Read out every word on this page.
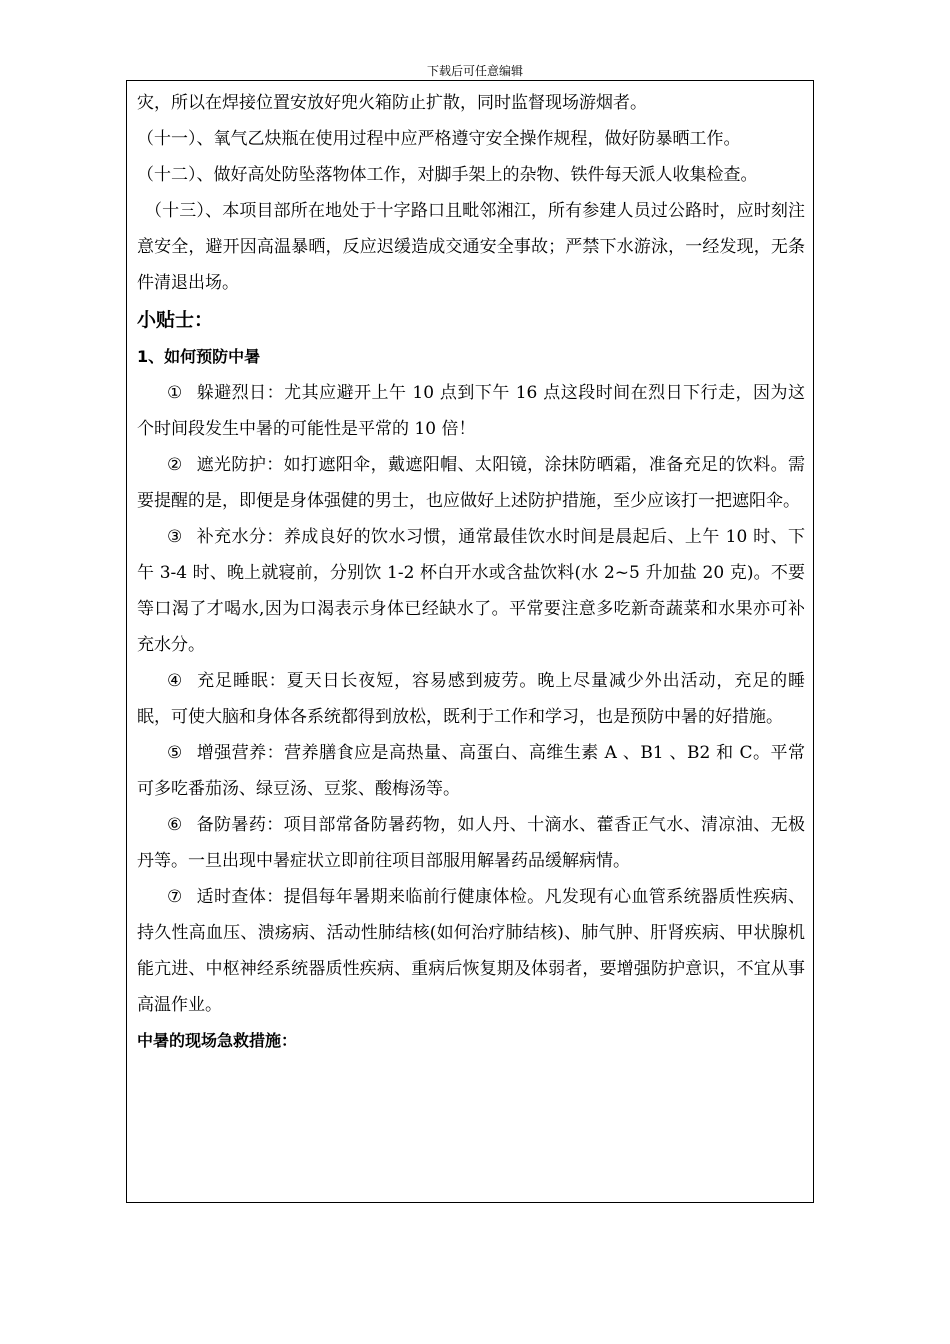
下载后可任意编辑

灾，所以在焊接位置安放好兜火箱防止扩散，同时监督现场游烟者。

（十一）、氧气乙炔瓶在使用过程中应严格遵守安全操作规程，做好防暴晒工作。

（十二）、做好高处防坠落物体工作，对脚手架上的杂物、铁件每天派人收集检查。

（十三）、本项目部所在地处于十字路口且毗邻湘江，所有参建人员过公路时，应时刻注意安全，避开因高温暴晒，反应迟缓造成交通安全事故；严禁下水游泳，一经发现，无条件清退出场。

小贴士：

1、如何预防中暑

① 躲避烈日：尤其应避开上午 10 点到下午 16 点这段时间在烈日下行走，因为这个时间段发生中暑的可能性是平常的 10 倍！

② 遮光防护：如打遮阳伞，戴遮阳帽、太阳镜，涂抹防晒霜，准备充足的饮料。需要提醒的是，即便是身体强健的男士，也应做好上述防护措施，至少应该打一把遮阳伞。

③ 补充水分：养成良好的饮水习惯，通常最佳饮水时间是晨起后、上午 10 时、下午 3-4 时、晚上就寝前，分别饮 1-2 杯白开水或含盐饮料(水 2~5 升加盐 20 克)。不要等口渴了才喝水,因为口渴表示身体已经缺水了。平常要注意多吃新奇蔬菜和水果亦可补充水分。

④ 充足睡眠：夏天日长夜短，容易感到疲劳。晚上尽量减少外出活动，充足的睡眠，可使大脑和身体各系统都得到放松，既利于工作和学习，也是预防中暑的好措施。

⑤ 增强营养：营养膳食应是高热量、高蛋白、高维生素 A 、B1 、B2 和 C。平常可多吃番茄汤、绿豆汤、豆浆、酸梅汤等。

⑥ 备防暑药：项目部常备防暑药物，如人丹、十滴水、藿香正气水、清凉油、无极丹等。一旦出现中暑症状立即前往项目部服用解暑药品缓解病情。

⑦ 适时查体：提倡每年暑期来临前行健康体检。凡发现有心血管系统器质性疾病、持久性高血压、溃疡病、活动性肺结核(如何治疗肺结核)、肺气肿、肝肾疾病、甲状腺机能亢进、中枢神经系统器质性疾病、重病后恢复期及体弱者，要增强防护意识，不宜从事高温作业。

中暑的现场急救措施：
